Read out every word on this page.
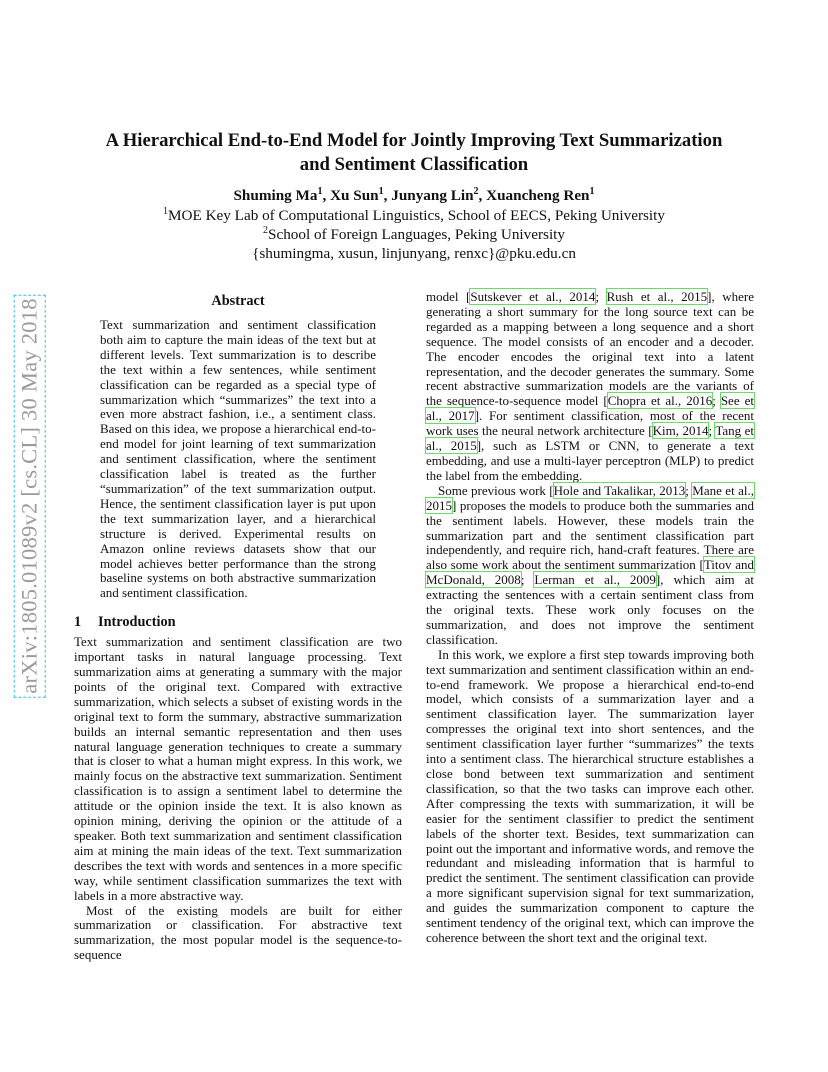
arXiv:1805.01089v2 [cs.CL] 30 May 2018
A Hierarchical End-to-End Model for Jointly Improving Text Summarization
and Sentiment Classification

Shuming Ma$^1$, Xu Sun$^1$, Junyang Lin$^2$, Xuancheng Ren$^1$

$^1$MOE Key Lab of Computational Linguistics, School of EECS, Peking University

$^2$School of Foreign Languages, Peking University

{shumingma, xusun, linjunyang, renxc}@pku.edu.cn

Abstract

Text summarization and sentiment classification both aim to capture the main ideas of the text but at different levels. Text summarization is to describe the text within a few sentences, while sentiment classification can be regarded as a special type of summarization which “summarizes” the text into a even more abstract fashion, i.e., a sentiment class. Based on this idea, we propose a hierarchical end-to-end model for joint learning of text summarization and sentiment classification, where the sentiment classification label is treated as the further “summarization” of the text summarization output. Hence, the sentiment classification layer is put upon the text summarization layer, and a hierarchical structure is derived. Experimental results on Amazon online reviews datasets show that our model achieves better performance than the strong baseline systems on both abstractive summarization and sentiment classification.

1 Introduction

Text summarization and sentiment classification are two important tasks in natural language processing. Text summarization aims at generating a summary with the major points of the original text. Compared with extractive summarization, which selects a subset of existing words in the original text to form the summary, abstractive summarization builds an internal semantic representation and then uses natural language generation techniques to create a summary that is closer to what a human might express. In this work, we mainly focus on the abstractive text summarization. Sentiment classification is to assign a sentiment label to determine the attitude or the opinion inside the text. It is also known as opinion mining, deriving the opinion or the attitude of a speaker. Both text summarization and sentiment classification aim at mining the main ideas of the text. Text summarization describes the text with words and sentences in a more specific way, while sentiment classification summarizes the text with labels in a more abstractive way.

Most of the existing models are built for either summarization or classification. For abstractive text summarization, the most popular model is the sequence-to-sequence

model [Sutskever et al., 2014; Rush et al., 2015], where generating a short summary for the long source text can be regarded as a mapping between a long sequence and a short sequence. The model consists of an encoder and a decoder. The encoder encodes the original text into a latent representation, and the decoder generates the summary. Some recent abstractive summarization models are the variants of the sequence-to-sequence model [Chopra et al., 2016; See et al., 2017]. For sentiment classification, most of the recent work uses the neural network architecture [Kim, 2014; Tang et al., 2015], such as LSTM or CNN, to generate a text embedding, and use a multi-layer perceptron (MLP) to predict the label from the embedding.

Some previous work [Hole and Takalikar, 2013; Mane et al., 2015] proposes the models to produce both the summaries and the sentiment labels. However, these models train the summarization part and the sentiment classification part independently, and require rich, hand-craft features. There are also some work about the sentiment summarization [Titov and McDonald, 2008; Lerman et al., 2009], which aim at extracting the sentences with a certain sentiment class from the original texts. These work only focuses on the summarization, and does not improve the sentiment classification.

In this work, we explore a first step towards improving both text summarization and sentiment classification within an end-to-end framework. We propose a hierarchical end-to-end model, which consists of a summarization layer and a sentiment classification layer. The summarization layer compresses the original text into short sentences, and the sentiment classification layer further “summarizes” the texts into a sentiment class. The hierarchical structure establishes a close bond between text summarization and sentiment classification, so that the two tasks can improve each other. After compressing the texts with summarization, it will be easier for the sentiment classifier to predict the sentiment labels of the shorter text. Besides, text summarization can point out the important and informative words, and remove the redundant and misleading information that is harmful to predict the sentiment. The sentiment classification can provide a more significant supervision signal for text summarization, and guides the summarization component to capture the sentiment tendency of the original text, which can improve the coherence between the short text and the original text.
